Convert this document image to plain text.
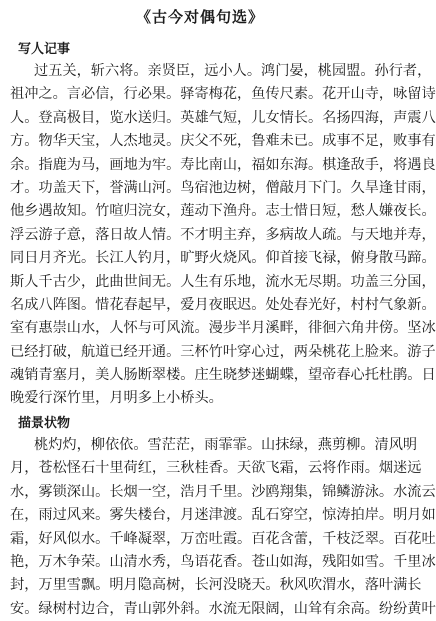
《古今对偶句选》
写人记事
过五关，斩六将。亲贤臣，远小人。鸿门晏，桃园盟。孙行者，
祖冲之。言必信，行必果。驿寄梅花，鱼传尺素。花开山寺，咏留诗
人。登高极目，览水送归。英雄气短，儿女情长。名扬四海，声震八
方。物华天宝，人杰地灵。庆父不死，鲁难未已。成事不足，败事有
余。指鹿为马，画地为牢。寿比南山，福如东海。棋逢敌手，将遇良
才。功盖天下，誉满山河。鸟宿池边树，僧敲月下门。久旱逢甘雨，
他乡遇故知。竹喧归浣女，莲动下渔舟。志士惜日短，愁人嫌夜长。
浮云游子意，落日故人情。不才明主弃，多病故人疏。与天地并寿，
同日月齐光。长江人钓月，旷野火烧风。仰首接飞禄，俯身散马蹄。
斯人千古少，此曲世间无。人生有乐地，流水无尽期。功盖三分国，
名成八阵图。惜花春起早，爱月夜眠迟。处处春光好，村村气象新。
室有惠崇山水，人怀与可风流。漫步半月溪畔，徘徊六角井傍。坚冰
已经打破，航道已经开通。三杯竹叶穿心过，两朵桃花上脸来。游子
魂销青塞月，美人肠断翠楼。庄生晓梦迷蝴蝶，望帝春心托杜鹃。日
晚爱行深竹里，月明多上小桥头。
描景状物
桃灼灼，柳依依。雪茫茫，雨霏霏。山抹绿，燕剪柳。清风明
月，苍松怪石十里荷红，三秋桂香。天欲飞霜，云将作雨。烟迷远
水，雾锁深山。长烟一空，浩月千里。沙鸥翔集，锦鳞游泳。水流云
在，雨过风来。雾失楼台，月迷津渡。乱石穿空，惊涛拍岸。明月如
霜，好风似水。千峰凝翠，万峦吐霞。百花含蕾，千枝泛翠。百花吐
艳，万木争荣。山清水秀，鸟语花香。苍山如海，残阳如雪。千里冰
封，万里雪飘。明月隐高树，长河没晓天。秋风吹渭水，落叶满长
安。绿树村边合，青山郭外斜。水流无限阔，山耸有余高。纷纷黄叶
